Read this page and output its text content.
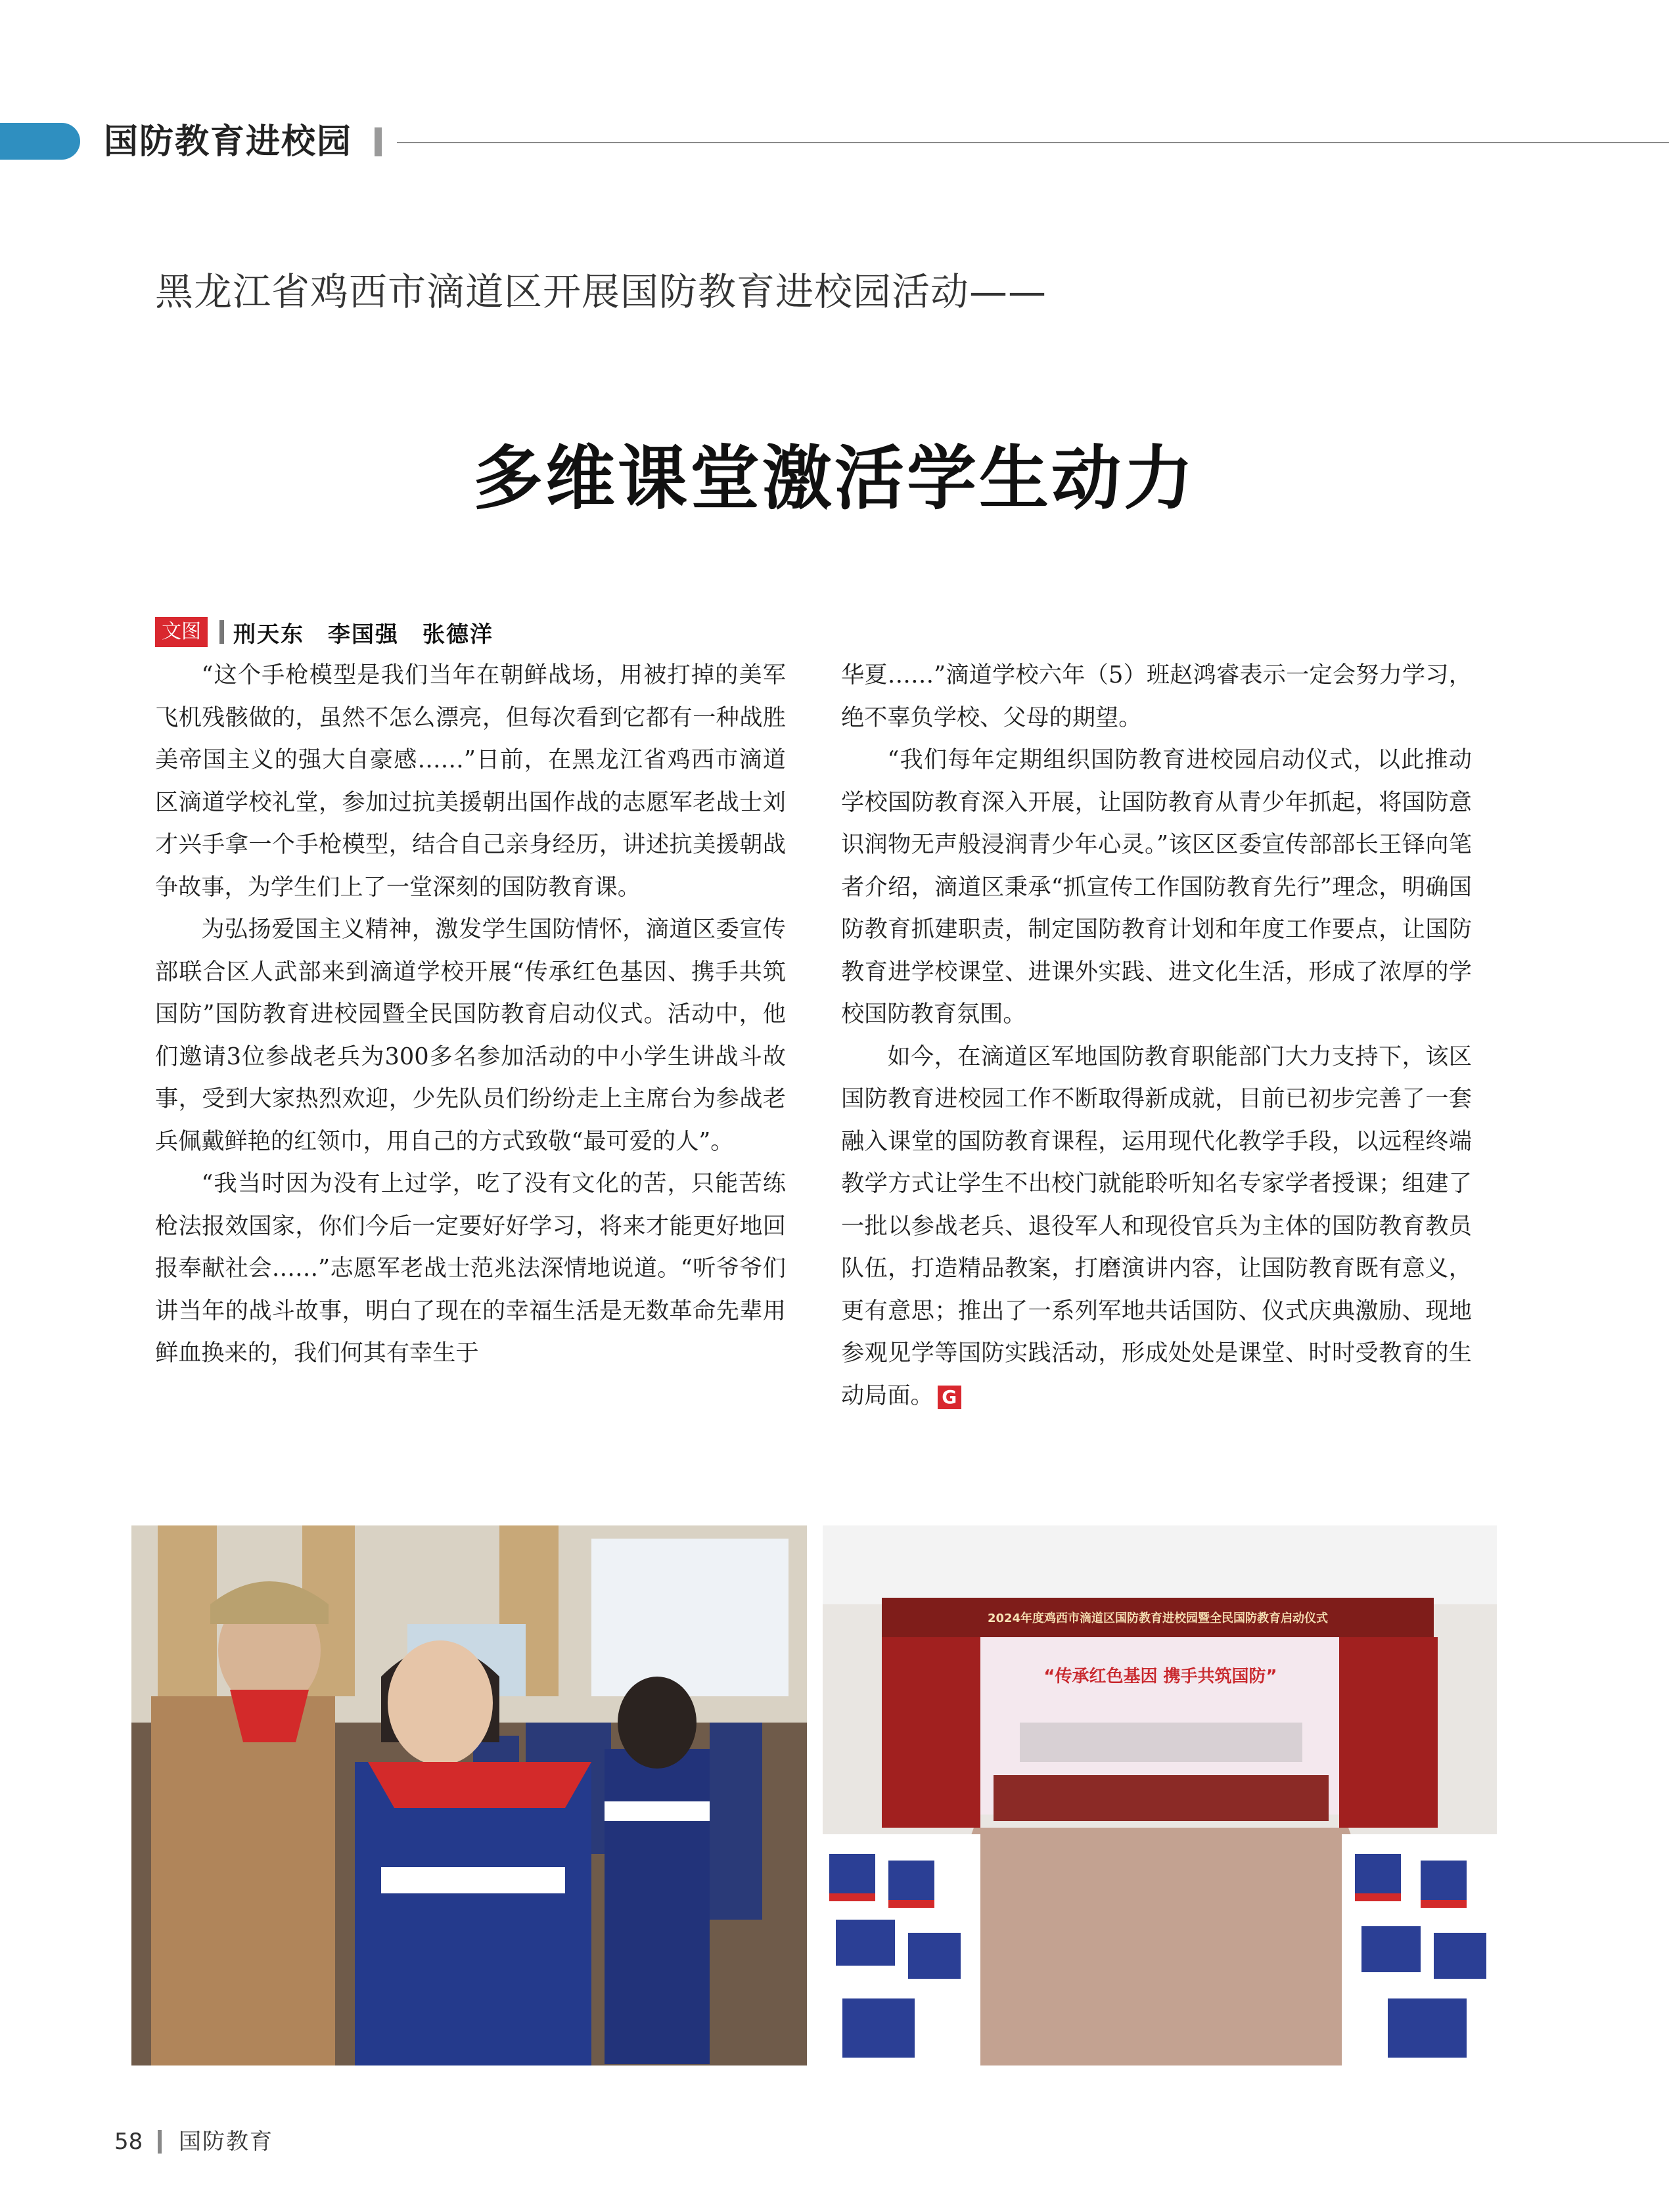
国防教育进校园
黑龙江省鸡西市滴道区开展国防教育进校园活动——
多维课堂激活学生动力
文图 刑天东　李国强　张德洋

“这个手枪模型是我们当年在朝鲜战场，用被打掉的美军飞机残骸做的，虽然不怎么漂亮，但每次看到它都有一种战胜美帝国主义的强大自豪感……”日前，在黑龙江省鸡西市滴道区滴道学校礼堂，参加过抗美援朝出国作战的志愿军老战士刘才兴手拿一个手枪模型，结合自己亲身经历，讲述抗美援朝战争故事，为学生们上了一堂深刻的国防教育课。

为弘扬爱国主义精神，激发学生国防情怀，滴道区委宣传部联合区人武部来到滴道学校开展“传承红色基因、携手共筑国防”国防教育进校园暨全民国防教育启动仪式。活动中，他们邀请3位参战老兵为300多名参加活动的中小学生讲战斗故事，受到大家热烈欢迎，少先队员们纷纷走上主席台为参战老兵佩戴鲜艳的红领巾，用自己的方式致敬“最可爱的人”。

“我当时因为没有上过学，吃了没有文化的苦，只能苦练枪法报效国家，你们今后一定要好好学习，将来才能更好地回报奉献社会……”志愿军老战士范兆法深情地说道。“听爷爷们讲当年的战斗故事，明白了现在的幸福生活是无数革命先辈用鲜血换来的，我们何其有幸生于

华夏……”滴道学校六年（5）班赵鸿睿表示一定会努力学习，绝不辜负学校、父母的期望。

“我们每年定期组织国防教育进校园启动仪式，以此推动学校国防教育深入开展，让国防教育从青少年抓起，将国防意识润物无声般浸润青少年心灵。”该区区委宣传部部长王铎向笔者介绍，滴道区秉承“抓宣传工作国防教育先行”理念，明确国防教育抓建职责，制定国防教育计划和年度工作要点，让国防教育进学校课堂、进课外实践、进文化生活，形成了浓厚的学校国防教育氛围。

如今，在滴道区军地国防教育职能部门大力支持下，该区国防教育进校园工作不断取得新成就，目前已初步完善了一套融入课堂的国防教育课程，运用现代化教学手段，以远程终端教学方式让学生不出校门就能聆听知名专家学者授课；组建了一批以参战老兵、退役军人和现役官兵为主体的国防教育教员队伍，打造精品教案，打磨演讲内容，让国防教育既有意义，更有意思；推出了一系列军地共话国防、仪式庆典激励、现地参观见学等国防实践活动，形成处处是课堂、时时受教育的生动局面。 G

2024年度鸡西市滴道区国防教育进校园暨全民国防教育启动仪式
“传承红色基因 携手共筑国防”
58 国防教育
